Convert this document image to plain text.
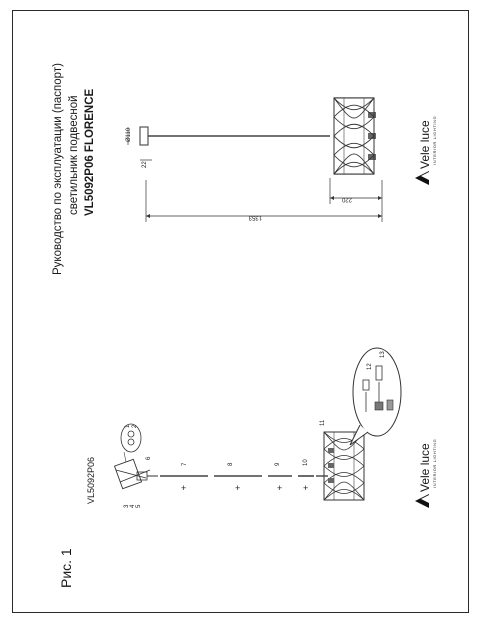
+	+	+ +
6
7	8	9	10
11
12
13
1 2
3 4 5
1353
220
Ø110
22
Рис. 1
VL5092P06
Руководство по эксплуатации (паспорт) светильник подвесной VL5092P06 FLORENCE	Vele luce INTERIOR LIGHTING
Vele luce INTERIOR LIGHTING
